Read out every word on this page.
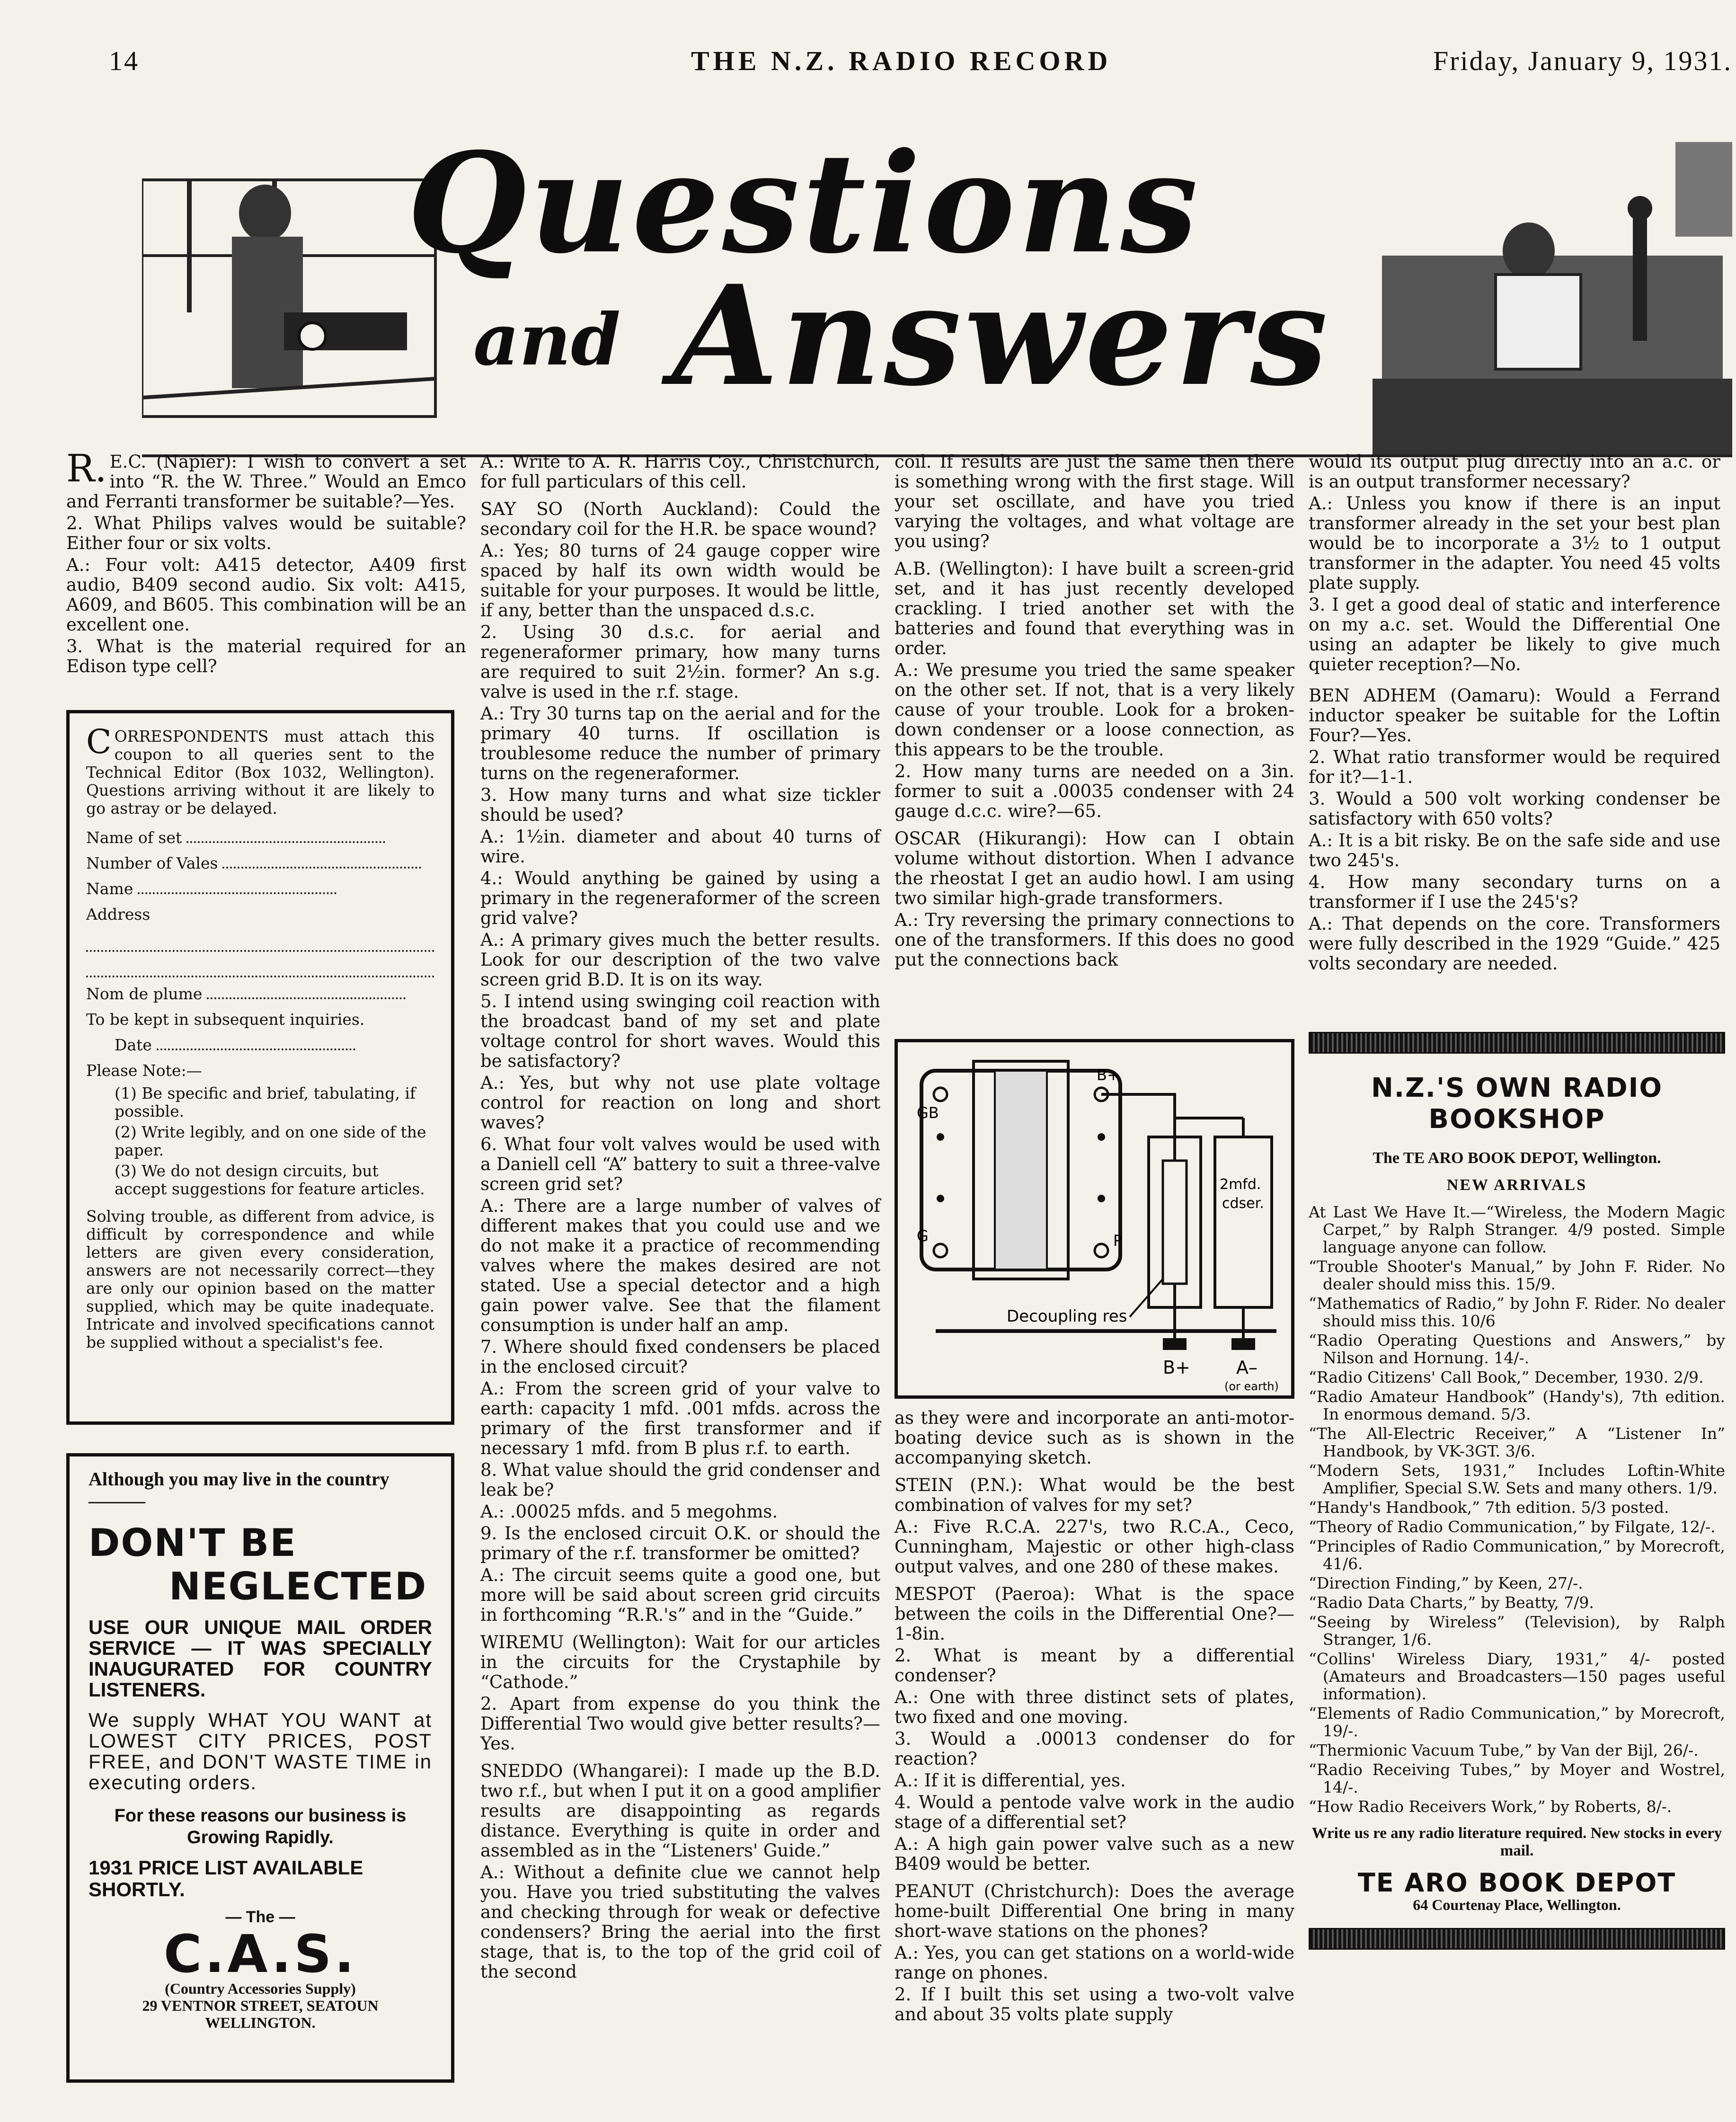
14	THE N.Z. RADIO RECORD	Friday, January 9, 1931.
Questions
and Answers

R.E.C. (Napier): I wish to convert a set into “R. the W. Three.” Would an Emco and Ferranti transformer be suitable?—Yes.

2. What Philips valves would be suitable? Either four or six volts.

A.: Four volt: A415 detector, A409 first audio, B409 second audio. Six volt: A415, A609, and B605. This combination will be an excellent one.

3. What is the material required for an Edison type cell?

CORRESPONDENTS must attach this coupon to all queries sent to the Technical Editor (Box 1032, Wellington). Questions arriving without it are likely to go astray or be delayed.
Name of set
Number of Vales
Name
Address
Nom de plume
To be kept in subsequent inquiries.
Date
Please Note:—
(1) Be specific and brief, tabulating, if possible.
(2) Write legibly, and on one side of the paper.
(3) We do not design circuits, but accept suggestions for feature articles.
Solving trouble, as different from advice, is difficult by correspondence and while letters are given every consideration, answers are not necessarily correct—they are only our opinion based on the matter supplied, which may be quite inadequate. Intricate and involved specifications cannot be supplied without a specialist's fee.
Although you may live in the country———
DON'T BE
NEGLECTED
USE OUR UNIQUE MAIL ORDER SERVICE — IT WAS SPECIALLY INAUGURATED FOR COUNTRY LISTENERS.
We supply WHAT YOU WANT at LOWEST CITY PRICES, POST FREE, and DON'T WASTE TIME in executing orders.
For these reasons our business is Growing Rapidly.
1931 PRICE LIST AVAILABLE SHORTLY.
— The —
C.A.S.
(Country Accessories Supply)
29 VENTNOR STREET, SEATOUN
WELLINGTON.

A.: Write to A. R. Harris Coy., Christchurch, for full particulars of this cell.

SAY SO (North Auckland): Could the secondary coil for the H.R. be space wound?

A.: Yes; 80 turns of 24 gauge copper wire spaced by half its own width would be suitable for your purposes. It would be little, if any, better than the unspaced d.s.c.

2. Using 30 d.s.c. for aerial and regeneraformer primary, how many turns are required to suit 2½in. former? An s.g. valve is used in the r.f. stage.

A.: Try 30 turns tap on the aerial and for the primary 40 turns. If oscillation is troublesome reduce the number of primary turns on the regeneraformer.

3. How many turns and what size tickler should be used?

A.: 1½in. diameter and about 40 turns of wire.

4.: Would anything be gained by using a primary in the regeneraformer of the screen grid valve?

A.: A primary gives much the better results. Look for our description of the two valve screen grid B.D. It is on its way.

5. I intend using swinging coil reaction with the broadcast band of my set and plate voltage control for short waves. Would this be satisfactory?

A.: Yes, but why not use plate voltage control for reaction on long and short waves?

6. What four volt valves would be used with a Daniell cell “A” battery to suit a three-valve screen grid set?

A.: There are a large number of valves of different makes that you could use and we do not make it a practice of recommending valves where the makes desired are not stated. Use a special detector and a high gain power valve. See that the filament consumption is under half an amp.

7. Where should fixed condensers be placed in the enclosed circuit?

A.: From the screen grid of your valve to earth: capacity 1 mfd. .001 mfds. across the primary of the first transformer and if necessary 1 mfd. from B plus r.f. to earth.

8. What value should the grid condenser and leak be?

A.: .00025 mfds. and 5 megohms.

9. Is the enclosed circuit O.K. or should the primary of the r.f. transformer be omitted?

A.: The circuit seems quite a good one, but more will be said about screen grid circuits in forthcoming “R.R.'s” and in the “Guide.”

WIREMU (Wellington): Wait for our articles in the circuits for the Crystaphile by “Cathode.”

2. Apart from expense do you think the Differential Two would give better results?—Yes.

SNEDDO (Whangarei): I made up the B.D. two r.f., but when I put it on a good amplifier results are disappointing as regards distance. Everything is quite in order and assembled as in the “Listeners' Guide.”

A.: Without a definite clue we cannot help you. Have you tried substituting the valves and checking through for weak or defective condensers? Bring the aerial into the first stage, that is, to the top of the grid coil of the second

coil. If results are just the same then there is something wrong with the first stage. Will your set oscillate, and have you tried varying the voltages, and what voltage are you using?

A.B. (Wellington): I have built a screen-grid set, and it has just recently developed crackling. I tried another set with the batteries and found that everything was in order.

A.: We presume you tried the same speaker on the other set. If not, that is a very likely cause of your trouble. Look for a broken-down condenser or a loose connection, as this appears to be the trouble.

2. How many turns are needed on a 3in. former to suit a .00035 condenser with 24 gauge d.c.c. wire?—65.

OSCAR (Hikurangi): How can I obtain volume without distortion. When I advance the rheostat I get an audio howl. I am using two similar high-grade transformers.

A.: Try reversing the primary connections to one of the transformers. If this does no good put the connections back

GB
B+
G	P
2mfd.
cdser.
Decoupling res
B+	A–
(or earth)

as they were and incorporate an anti-motor-boating device such as is shown in the accompanying sketch.

STEIN (P.N.): What would be the best combination of valves for my set?

A.: Five R.C.A. 227's, two R.C.A., Ceco, Cunningham, Majestic or other high-class output valves, and one 280 of these makes.

MESPOT (Paeroa): What is the space between the coils in the Differential One?—1-8in.

2. What is meant by a differential condenser?

A.: One with three distinct sets of plates, two fixed and one moving.

3. Would a .00013 condenser do for reaction?

A.: If it is differential, yes.

4. Would a pentode valve work in the audio stage of a differential set?

A.: A high gain power valve such as a new B409 would be better.

PEANUT (Christchurch): Does the average home-built Differential One bring in many short-wave stations on the phones?

A.: Yes, you can get stations on a world-wide range on phones.

2. If I built this set using a two-volt valve and about 35 volts plate supply

would its output plug directly into an a.c. or is an output transformer necessary?

A.: Unless you know if there is an input transformer already in the set your best plan would be to incorporate a 3½ to 1 output transformer in the adapter. You need 45 volts plate supply.

3. I get a good deal of static and interference on my a.c. set. Would the Differential One using an adapter be likely to give much quieter reception?—No.

BEN ADHEM (Oamaru): Would a Ferrand inductor speaker be suitable for the Loftin Four?—Yes.

2. What ratio transformer would be required for it?—1-1.

3. Would a 500 volt working condenser be satisfactory with 650 volts?

A.: It is a bit risky. Be on the safe side and use two 245's.

4. How many secondary turns on a transformer if I use the 245's?

A.: That depends on the core. Transformers were fully described in the 1929 “Guide.” 425 volts secondary are needed.

N.Z.'S OWN RADIO BOOKSHOP
The TE ARO BOOK DEPOT, Wellington.
NEW ARRIVALS
At Last We Have It.—“Wireless, the Modern Magic Carpet,” by Ralph Stranger. 4/9 posted. Simple language anyone can follow.
“Trouble Shooter's Manual,” by John F. Rider. No dealer should miss this. 15/9.
“Mathematics of Radio,” by John F. Rider. No dealer should miss this. 10/6
“Radio Operating Questions and Answers,” by Nilson and Hornung. 14/-.
“Radio Citizens' Call Book,” December, 1930. 2/9.
“Radio Amateur Handbook” (Handy's), 7th edition. In enormous demand. 5/3.
“The All-Electric Receiver,” A “Listener In” Handbook, by VK-3GT. 3/6.
“Modern Sets, 1931,” Includes Loftin-White Amplifier, Special S.W. Sets and many others. 1/9.
“Handy's Handbook,” 7th edition. 5/3 posted.
“Theory of Radio Communication,” by Filgate, 12/-.
“Principles of Radio Communication,” by Morecroft, 41/6.
“Direction Finding,” by Keen, 27/-.
“Radio Data Charts,” by Beatty, 7/9.
“Seeing by Wireless” (Television), by Ralph Stranger, 1/6.
“Collins' Wireless Diary, 1931,” 4/- posted (Amateurs and Broadcasters—150 pages useful information).
“Elements of Radio Communication,” by Morecroft, 19/-.
“Thermionic Vacuum Tube,” by Van der Bijl, 26/-.
“Radio Receiving Tubes,” by Moyer and Wostrel, 14/-.
“How Radio Receivers Work,” by Roberts, 8/-.
Write us re any radio literature required. New stocks in every mail.
TE ARO BOOK DEPOT
64 Courtenay Place, Wellington.
